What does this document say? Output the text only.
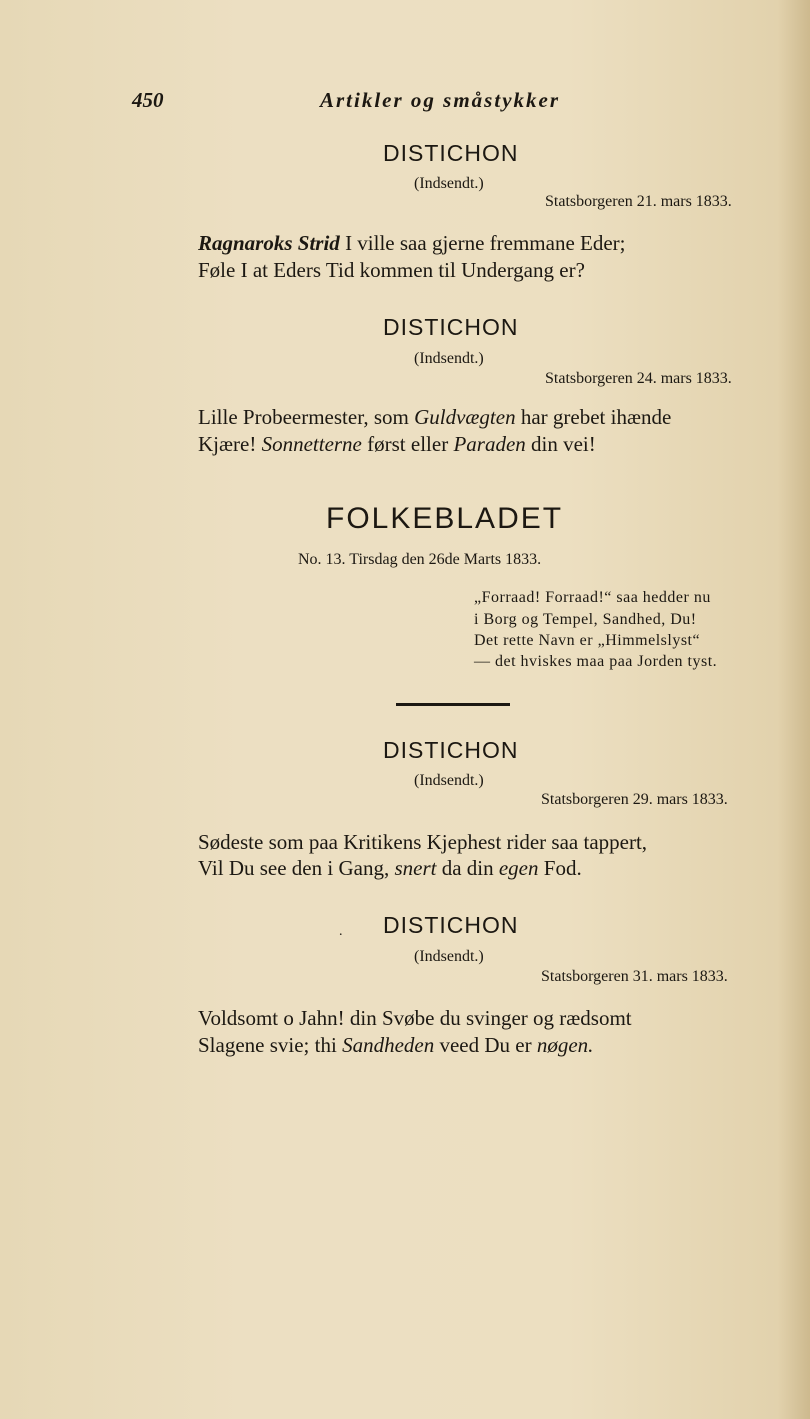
450	Artikler og småstykker
DISTICHON
(Indsendt.)
Statsborgeren 21. mars 1833.
Ragnaroks Strid I ville saa gjerne fremmane Eder;
Føle I at Eders Tid kommen til Undergang er?
DISTICHON
(Indsendt.)
Statsborgeren 24. mars 1833.
Lille Probeermester, som Guldvægten har grebet ihænde
Kjære! Sonnetterne først eller Paraden din vei!
FOLKEBLADET
No. 13. Tirsdag den 26de Marts 1833.
„Forraad! Forraad!“ saa hedder nu
i Borg og Tempel, Sandhed, Du!
Det rette Navn er „Himmelslyst“
— det hviskes maa paa Jorden tyst.
DISTICHON
(Indsendt.)
Statsborgeren 29. mars 1833.
Sødeste som paa Kritikens Kjephest rider saa tappert,
Vil Du see den i Gang, snert da din egen Fod.
. DISTICHON
(Indsendt.)
Statsborgeren 31. mars 1833.
Voldsomt o Jahn! din Svøbe du svinger og rædsomt
Slagene svie; thi Sandheden veed Du er nøgen.
